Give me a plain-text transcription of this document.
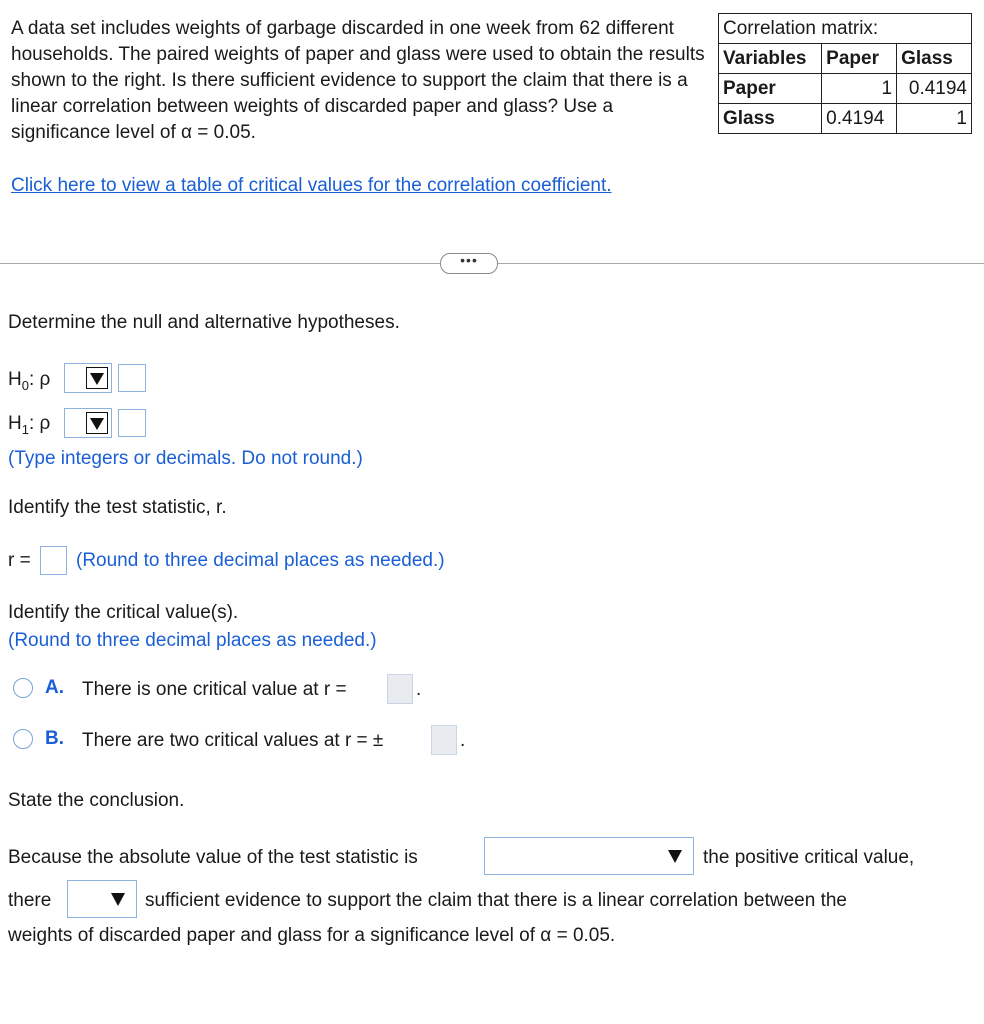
A data set includes weights of garbage discarded in one week from 62 different households. The paired weights of paper and glass were used to obtain the results shown to the right. Is there sufficient evidence to support the claim that there is a linear correlation between weights of discarded paper and glass? Use a significance level of α = 0.05.

Click here to view a table of critical values for the correlation coefficient.
Correlation matrix:		
Variables	Paper	Glass
Paper	1	0.4194
Glass	0.4194	1
•••
Determine the null and alternative hypotheses.
$H_0$: ρ
$H_1$: ρ
(Type integers or decimals. Do not round.)
Identify the test statistic, r.
r = (Round to three decimal places as needed.)
Identify the critical value(s).
(Round to three decimal places as needed.)
A. There is one critical value at r =	.
B. There are two critical values at r = ±	.
State the conclusion.
Because the absolute value of the test statistic is	the positive critical value,
there	sufficient evidence to support the claim that there is a linear correlation between the
weights of discarded paper and glass for a significance level of α = 0.05.
